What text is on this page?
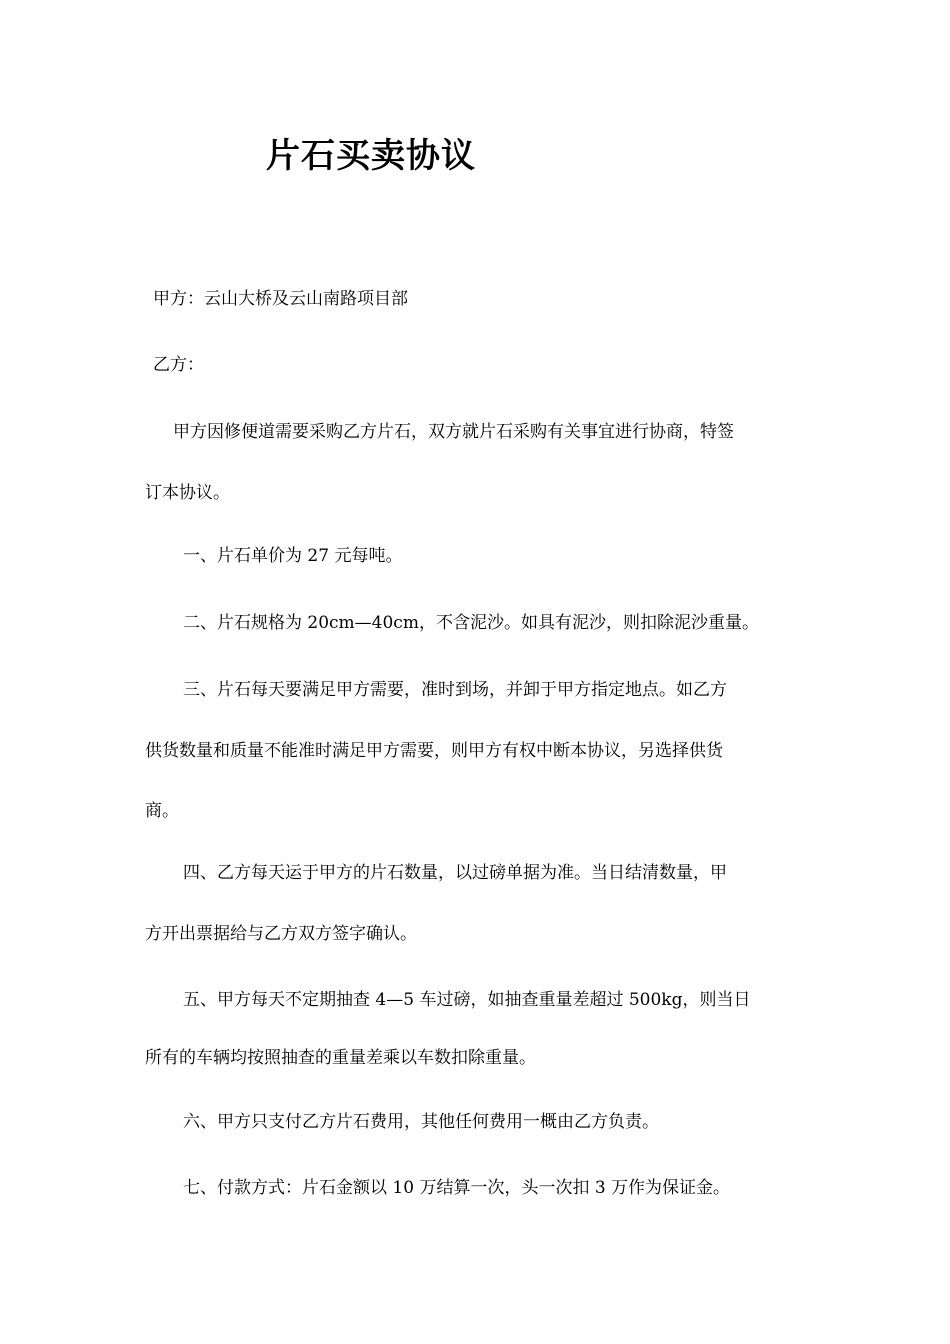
片石买卖协议
甲方：云山大桥及云山南路项目部
乙方：
甲方因修便道需要采购乙方片石，双方就片石采购有关事宜进行协商，特签
订本协议。
一、片石单价为 27 元每吨。
二、片石规格为 20cm—40cm，不含泥沙。如具有泥沙，则扣除泥沙重量。
三、片石每天要满足甲方需要，准时到场，并卸于甲方指定地点。如乙方
供货数量和质量不能准时满足甲方需要，则甲方有权中断本协议，另选择供货
商。
四、乙方每天运于甲方的片石数量，以过磅单据为准。当日结清数量，甲
方开出票据给与乙方双方签字确认。
五、甲方每天不定期抽查 4—5 车过磅，如抽查重量差超过 500kg，则当日
所有的车辆均按照抽查的重量差乘以车数扣除重量。
六、甲方只支付乙方片石费用，其他任何费用一概由乙方负责。
七、付款方式：片石金额以 10 万结算一次，头一次扣 3 万作为保证金。
